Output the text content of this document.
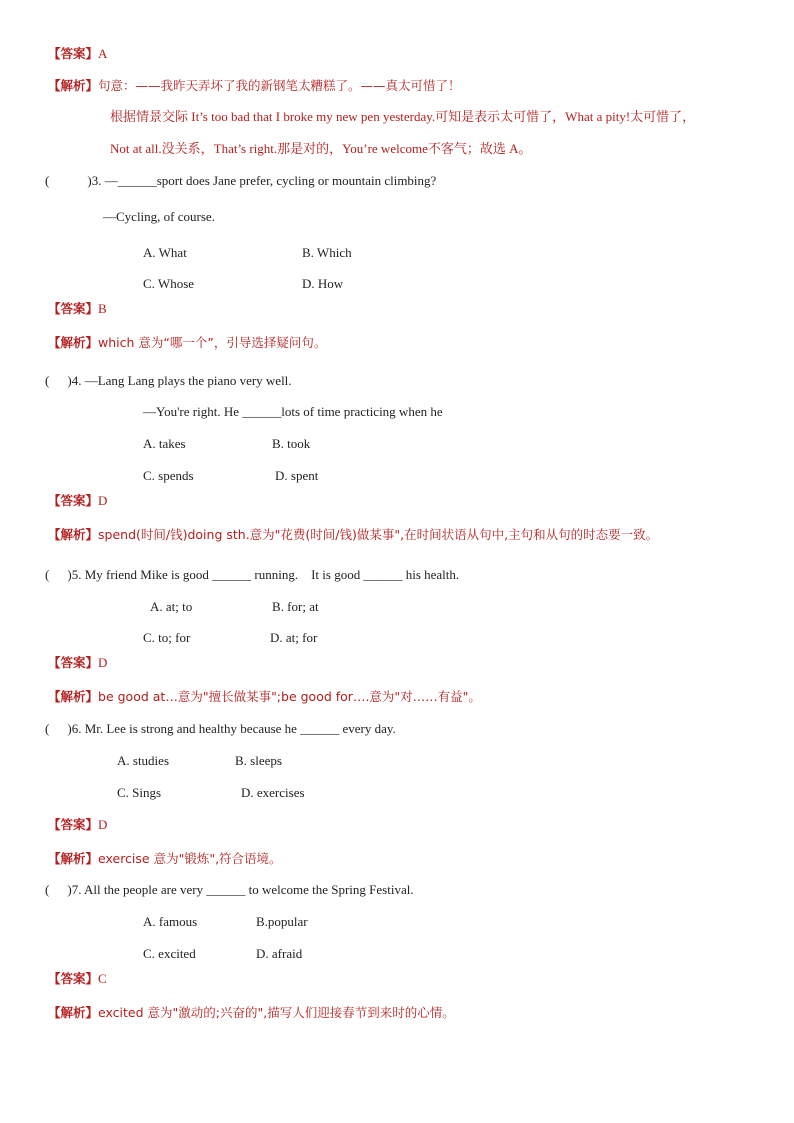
【答案】A
【解析】句意：——我昨天弄坏了我的新钢笔太糟糕了。——真太可惜了！
根据情景交际 It’s too bad that I broke my new pen yesterday.可知是表示太可惜了，What a pity!太可惜了，
Not at all.没关系，That’s right.那是对的，You’re welcome不客气；故选 A。
(	)3. —______sport does Jane prefer, cycling or mountain climbing?
—Cycling, of course.
A. What	B. Which
C. Whose	D. How
【答案】B
【解析】which 意为“哪一个”，引导选择疑问句。
( )4. —Lang Lang plays the piano very well.
—You're right. He ______lots of time practicing when he
A. takes	B. took
C. spends	D. spent
【答案】D
【解析】spend(时间/钱)doing sth.意为"花费(时间/钱)做某事",在时间状语从句中,主句和从句的时态要一致。
( )5. My friend Mike is good ______ running.    It is good ______ his health.
A. at; to	B. for; at
C. to; for	D. at; for
【答案】D
【解析】be good at…意为"擅长做某事";be good for….意为"对……有益"。
( )6. Mr. Lee is strong and healthy because he ______ every day.
A. studies	B. sleeps
C. Sings	D. exercises
【答案】D
【解析】exercise 意为"锻炼",符合语境。
( )7. All the people are very ______ to welcome the Spring Festival.
A. famous	B.popular
C. excited	D. afraid
【答案】C
【解析】excited 意为"激动的;兴奋的",描写人们迎接春节到来时的心情。
